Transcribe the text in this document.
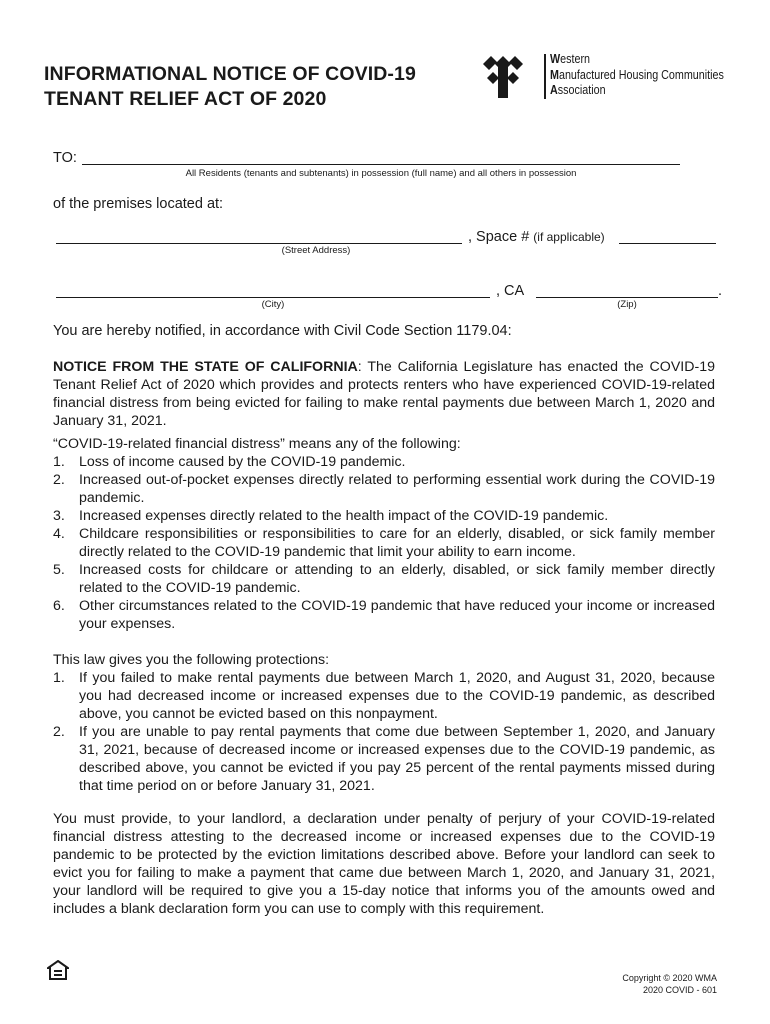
INFORMATIONAL NOTICE OF COVID-19
TENANT RELIEF ACT OF 2020
Western
Manufactured Housing Communities
Association
TO:
All Residents (tenants and subtenants) in possession (full name) and all others in possession
of the premises located at:
, Space # (if applicable)
(Street Address)
, CA	.
(City)	(Zip)
You are hereby notified, in accordance with Civil Code Section 1179.04:
NOTICE FROM THE STATE OF CALIFORNIA: The California Legislature has enacted the COVID-19 Tenant Relief Act of 2020 which provides and protects renters who have experienced COVID-19-related financial distress from being evicted for failing to make rental payments due between March 1, 2020 and January 31, 2021.
“COVID-19-related financial distress” means any of the following:
1. Loss of income caused by the COVID-19 pandemic.
2. Increased out-of-pocket expenses directly related to performing essential work during the COVID-19 pandemic.
3. Increased expenses directly related to the health impact of the COVID-19 pandemic.
4. Childcare responsibilities or responsibilities to care for an elderly, disabled, or sick family member directly related to the COVID-19 pandemic that limit your ability to earn income.
5. Increased costs for childcare or attending to an elderly, disabled, or sick family member directly related to the COVID-19 pandemic.
6. Other circumstances related to the COVID-19 pandemic that have reduced your income or increased your expenses.
This law gives you the following protections:
1. If you failed to make rental payments due between March 1, 2020, and August 31, 2020, because you had decreased income or increased expenses due to the COVID-19 pandemic, as described above, you cannot be evicted based on this nonpayment.
2. If you are unable to pay rental payments that come due between September 1, 2020, and January 31, 2021, because of decreased income or increased expenses due to the COVID-19 pandemic, as described above, you cannot be evicted if you pay 25 percent of the rental payments missed during that time period on or before January 31, 2021.
You must provide, to your landlord, a declaration under penalty of perjury of your COVID-19-related financial distress attesting to the decreased income or increased expenses due to the COVID-19 pandemic to be protected by the eviction limitations described above. Before your landlord can seek to evict you for failing to make a payment that came due between March 1, 2020, and January 31, 2021, your landlord will be required to give you a 15-day notice that informs you of the amounts owed and includes a blank declaration form you can use to comply with this requirement.
Copyright © 2020 WMA
2020 COVID - 601
